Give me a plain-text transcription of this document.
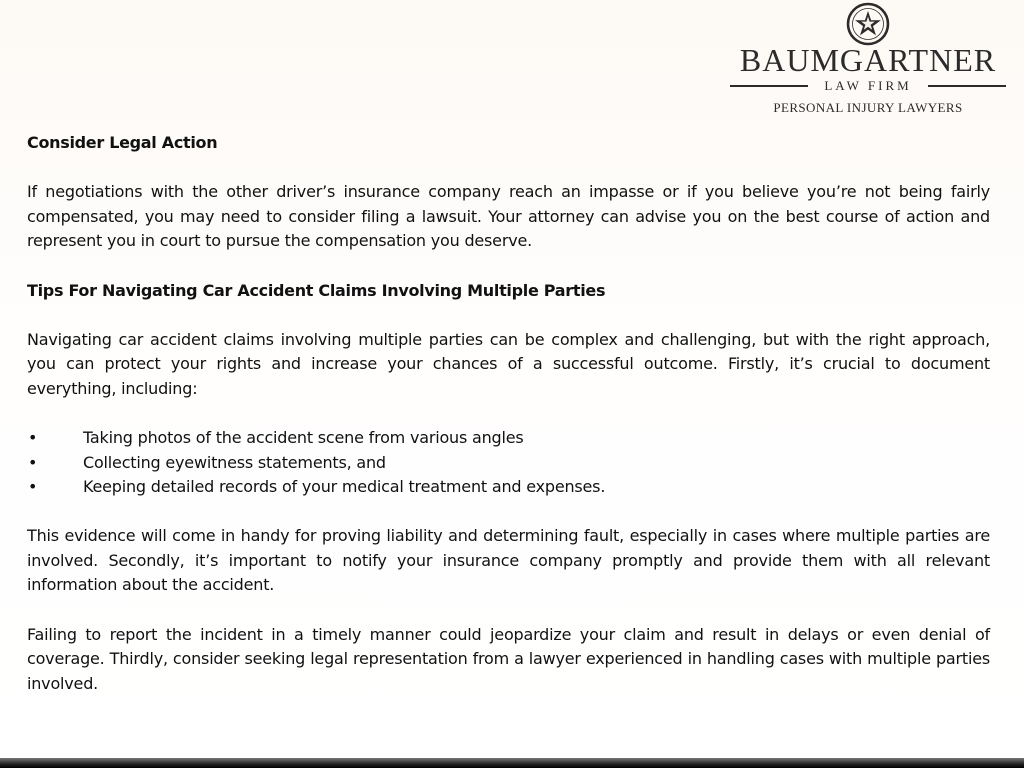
BAUMGARTNER
LAW FIRM
PERSONAL INJURY LAWYERS
Consider Legal Action

If negotiations with the other driver’s insurance company reach an impasse or if you believe you’re not being fairly compensated, you may need to consider filing a lawsuit. Your attorney can advise you on the best course of action and represent you in court to pursue the compensation you deserve.

Tips For Navigating Car Accident Claims Involving Multiple Parties

Navigating car accident claims involving multiple parties can be complex and challenging, but with the right approach, you can protect your rights and increase your chances of a successful outcome. Firstly, it’s crucial to document everything, including:

•	Taking photos of the accident scene from various angles
•	Collecting eyewitness statements, and
•	Keeping detailed records of your medical treatment and expenses.

This evidence will come in handy for proving liability and determining fault, especially in cases where multiple parties are involved. Secondly, it’s important to notify your insurance company promptly and provide them with all relevant information about the accident.

Failing to report the incident in a timely manner could jeopardize your claim and result in delays or even denial of coverage. Thirdly, consider seeking legal representation from a lawyer experienced in handling cases with multiple parties involved.
